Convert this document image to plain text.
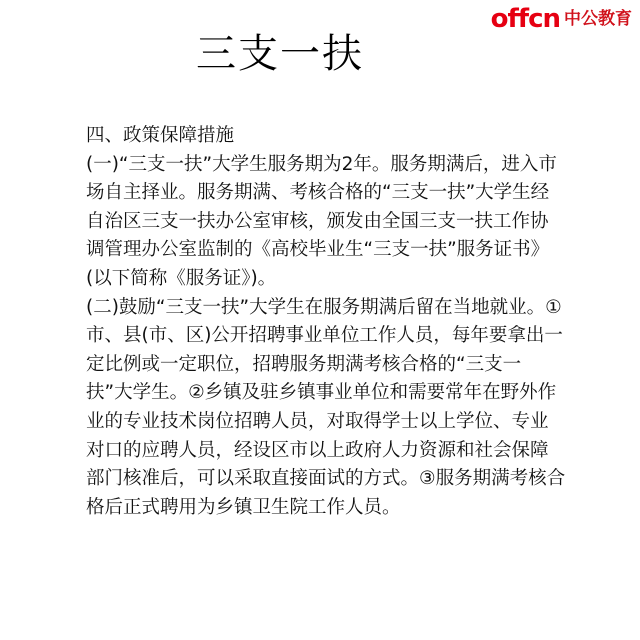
offcn 中公教育
三支一扶

四、政策保障措施

(一)“三支一扶”大学生服务期为2年。服务期满后，进入市场自主择业。服务期满、考核合格的“三支一扶”大学生经自治区三支一扶办公室审核，颁发由全国三支一扶工作协调管理办公室监制的《高校毕业生“三支一扶”服务证书》(以下简称《服务证》)。

(二)鼓励“三支一扶”大学生在服务期满后留在当地就业。①市、县(市、区)公开招聘事业单位工作人员，每年要拿出一定比例或一定职位，招聘服务期满考核合格的“三支一扶”大学生。②乡镇及驻乡镇事业单位和需要常年在野外作业的专业技术岗位招聘人员，对取得学士以上学位、专业对口的应聘人员，经设区市以上政府人力资源和社会保障部门核准后，可以采取直接面试的方式。③服务期满考核合格后正式聘用为乡镇卫生院工作人员。
